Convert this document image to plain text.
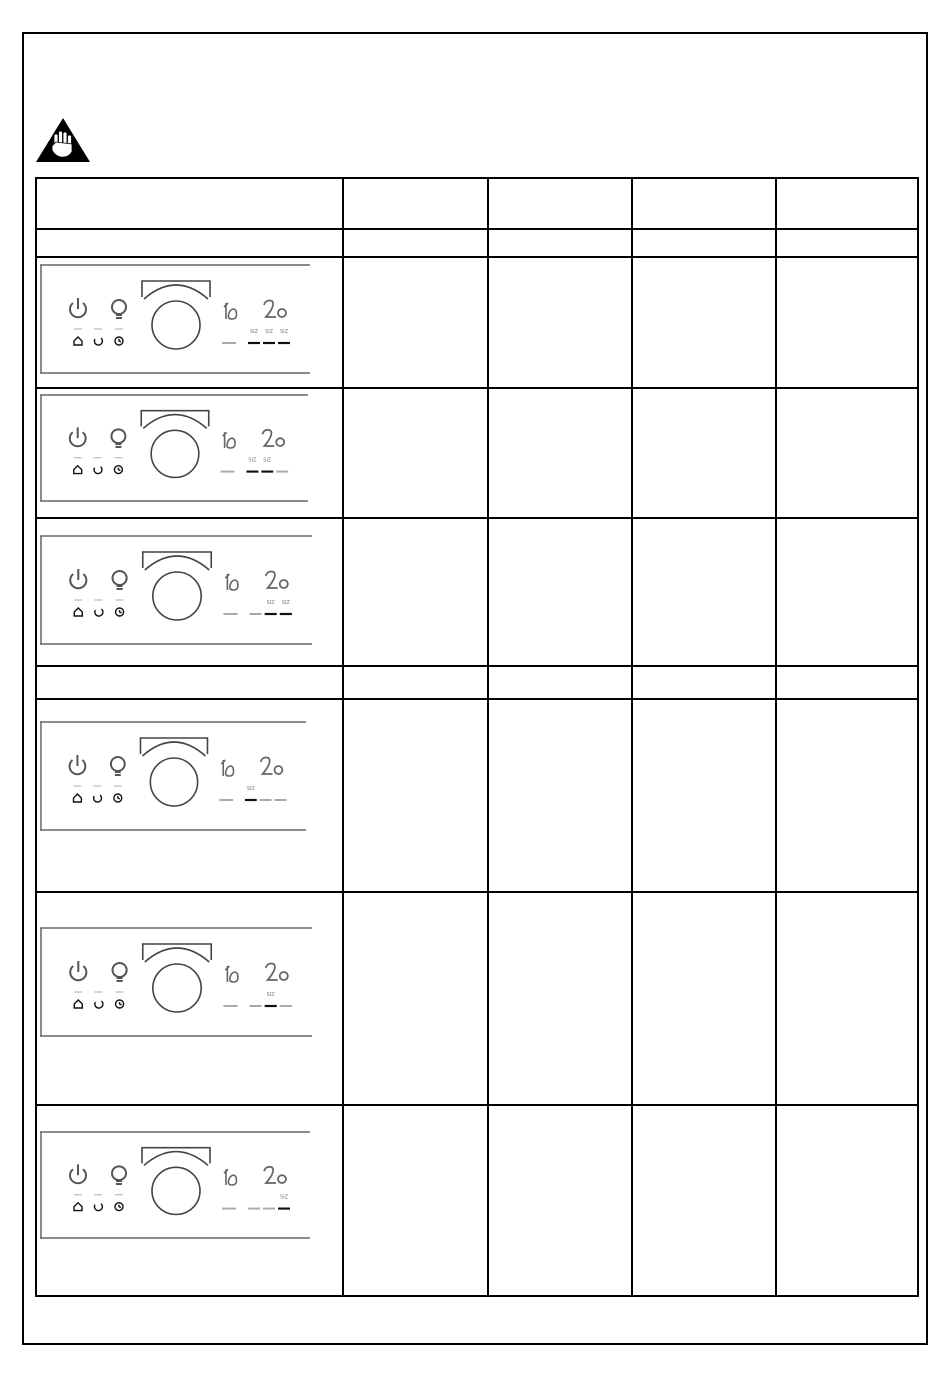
SIZ SIZ SIZ
SIZ SIZ
SIZ SIZ
SIZ
SIZ
SIZ
